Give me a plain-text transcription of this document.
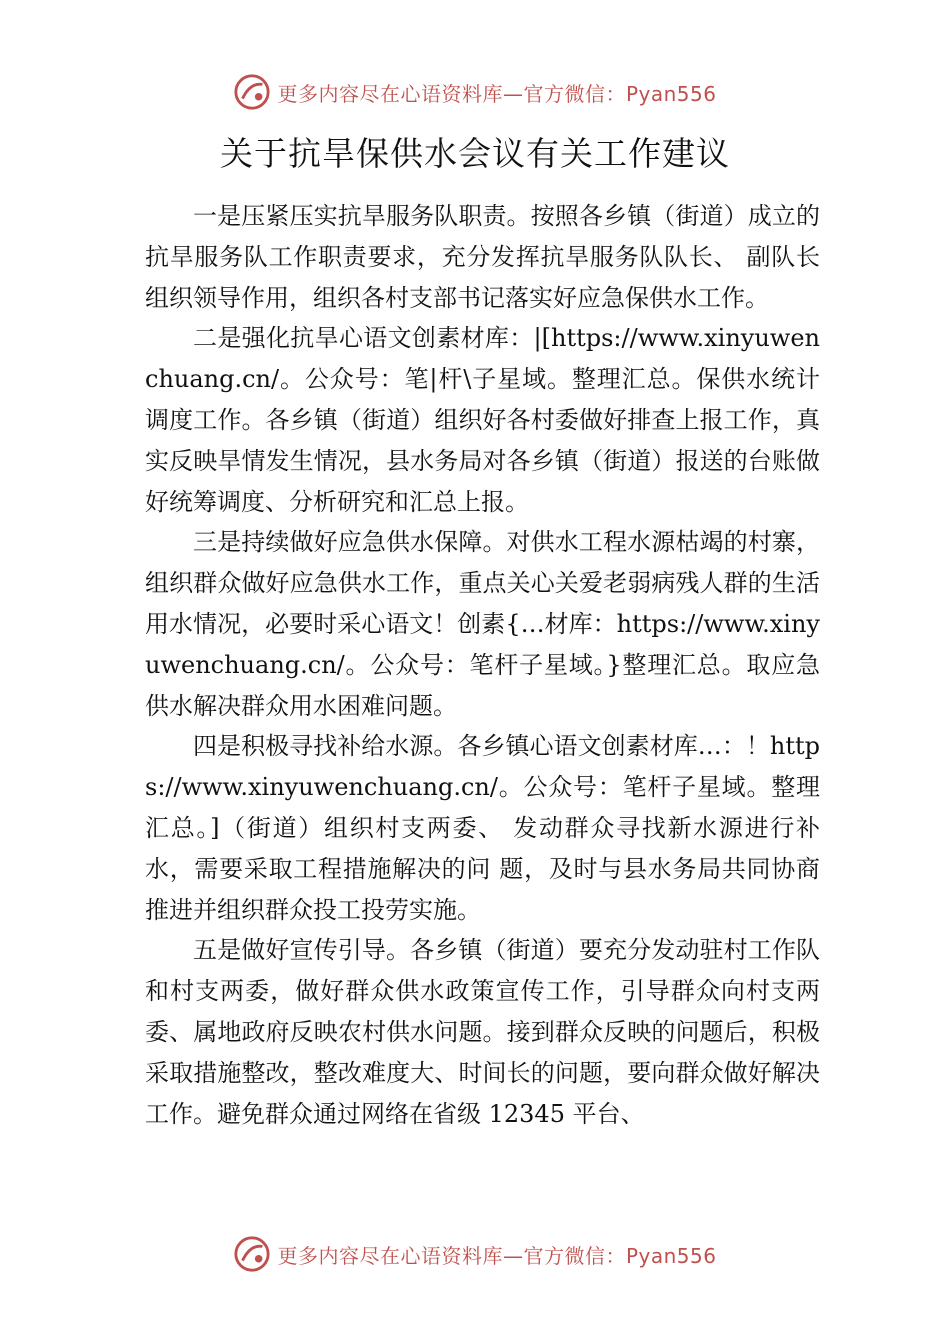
更多内容尽在心语资料库—官方微信：Pyan556
关于抗旱保供水会议有关工作建议

一是压紧压实抗旱服务队职责。按照各乡镇（街道）成立的抗旱服务队工作职责要求，充分发挥抗旱服务队队长、 副队长组织领导作用，组织各村支部书记落实好应急保供水工作。

二是强化抗旱心语文创素材库：|[https://www.xinyuwenchuang.cn/。公众号：笔|杆\子星域。整理汇总。保供水统计调度工作。各乡镇（街道）组织好各村委做好排查上报工作，真实反映旱情发生情况，县水务局对各乡镇（街道）报送的台账做好统筹调度、分析研究和汇总上报。

三是持续做好应急供水保障。对供水工程水源枯竭的村寨，组织群众做好应急供水工作，重点关心关爱老弱病残人群的生活用水情况，必要时采心语文！创素{…材库：https://www.xinyuwenchuang.cn/。公众号：笔杆子星域。}整理汇总。取应急供水解决群众用水困难问题。

四是积极寻找补给水源。各乡镇心语文创素材库…：！https://www.xinyuwenchuang.cn/。公众号：笔杆子星域。整理汇总。]（街道）组织村支两委、 发动群众寻找新水源进行补水，需要采取工程措施解决的问 题，及时与县水务局共同协商推进并组织群众投工投劳实施。

五是做好宣传引导。各乡镇（街道）要充分发动驻村工作队和村支两委，做好群众供水政策宣传工作，引导群众向村支两委、属地政府反映农村供水问题。接到群众反映的问题后，积极采取措施整改，整改难度大、时间长的问题，要向群众做好解决工作。避免群众通过网络在省级 12345 平台、

更多内容尽在心语资料库—官方微信：Pyan556
